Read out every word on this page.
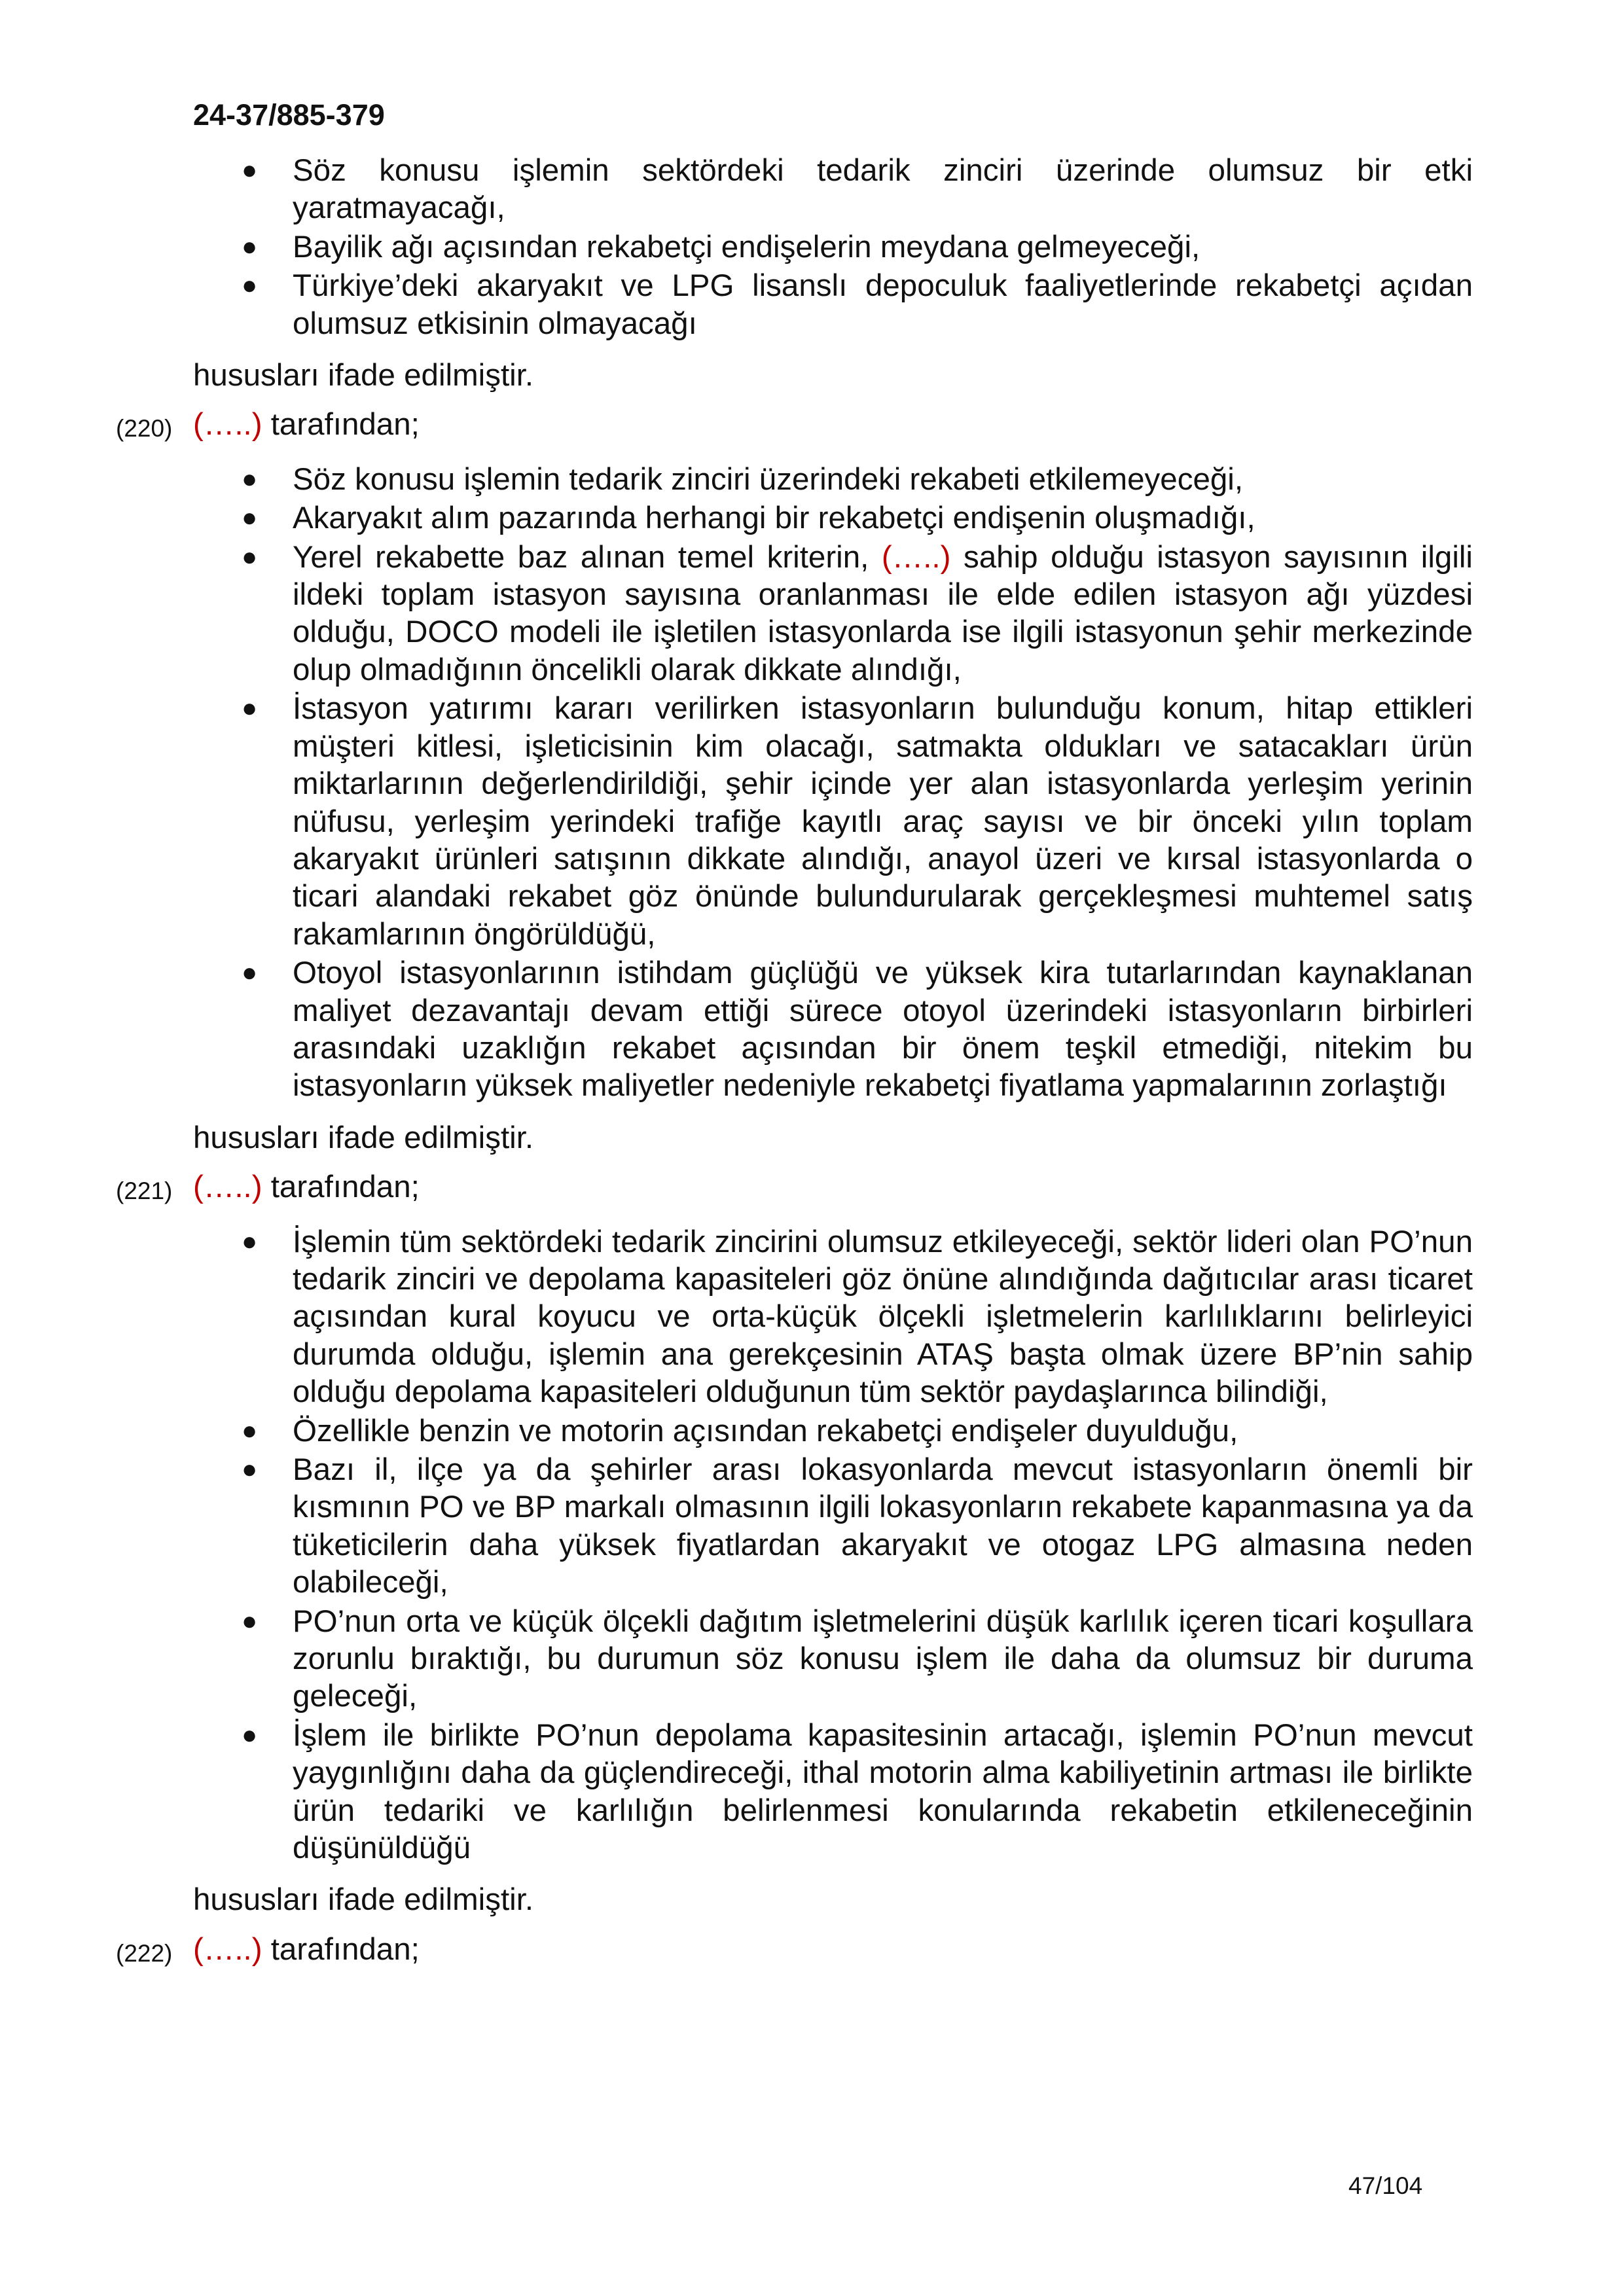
24-37/885-379
● Söz konusu işlemin sektördeki tedarik zinciri üzerinde olumsuz bir etki yaratmayacağı,
● Bayilik ağı açısından rekabetçi endişelerin meydana gelmeyeceği,
● Türkiye’deki akaryakıt ve LPG lisanslı depoculuk faaliyetlerinde rekabetçi açıdan olumsuz etkisinin olmayacağı
hususları ifade edilmiştir.
(220) (…..) tarafından;
● Söz konusu işlemin tedarik zinciri üzerindeki rekabeti etkilemeyeceği,
● Akaryakıt alım pazarında herhangi bir rekabetçi endişenin oluşmadığı,
● Yerel rekabette baz alınan temel kriterin, (…..) sahip olduğu istasyon sayısının ilgili ildeki toplam istasyon sayısına oranlanması ile elde edilen istasyon ağı yüzdesi olduğu, DOCO modeli ile işletilen istasyonlarda ise ilgili istasyonun şehir merkezinde olup olmadığının öncelikli olarak dikkate alındığı,
● İstasyon yatırımı kararı verilirken istasyonların bulunduğu konum, hitap ettikleri müşteri kitlesi, işleticisinin kim olacağı, satmakta oldukları ve satacakları ürün miktarlarının değerlendirildiği, şehir içinde yer alan istasyonlarda yerleşim yerinin nüfusu, yerleşim yerindeki trafiğe kayıtlı araç sayısı ve bir önceki yılın toplam akaryakıt ürünleri satışının dikkate alındığı, anayol üzeri ve kırsal istasyonlarda o ticari alandaki rekabet göz önünde bulundurularak gerçekleşmesi muhtemel satış rakamlarının öngörüldüğü,
● Otoyol istasyonlarının istihdam güçlüğü ve yüksek kira tutarlarından kaynaklanan maliyet dezavantajı devam ettiği sürece otoyol üzerindeki istasyonların birbirleri arasındaki uzaklığın rekabet açısından bir önem teşkil etmediği, nitekim bu istasyonların yüksek maliyetler nedeniyle rekabetçi fiyatlama yapmalarının zorlaştığı
hususları ifade edilmiştir.
(221) (…..) tarafından;
● İşlemin tüm sektördeki tedarik zincirini olumsuz etkileyeceği, sektör lideri olan PO’nun tedarik zinciri ve depolama kapasiteleri göz önüne alındığında dağıtıcılar arası ticaret açısından kural koyucu ve orta-küçük ölçekli işletmelerin karlılıklarını belirleyici durumda olduğu, işlemin ana gerekçesinin ATAŞ başta olmak üzere BP’nin sahip olduğu depolama kapasiteleri olduğunun tüm sektör paydaşlarınca bilindiği,
● Özellikle benzin ve motorin açısından rekabetçi endişeler duyulduğu,
● Bazı il, ilçe ya da şehirler arası lokasyonlarda mevcut istasyonların önemli bir kısmının PO ve BP markalı olmasının ilgili lokasyonların rekabete kapanmasına ya da tüketicilerin daha yüksek fiyatlardan akaryakıt ve otogaz LPG almasına neden olabileceği,
● PO’nun orta ve küçük ölçekli dağıtım işletmelerini düşük karlılık içeren ticari koşullara zorunlu bıraktığı, bu durumun söz konusu işlem ile daha da olumsuz bir duruma geleceği,
● İşlem ile birlikte PO’nun depolama kapasitesinin artacağı, işlemin PO’nun mevcut yaygınlığını daha da güçlendireceği, ithal motorin alma kabiliyetinin artması ile birlikte ürün tedariki ve karlılığın belirlenmesi konularında rekabetin etkileneceğinin düşünüldüğü
hususları ifade edilmiştir.
(222) (…..) tarafından;
47/104
